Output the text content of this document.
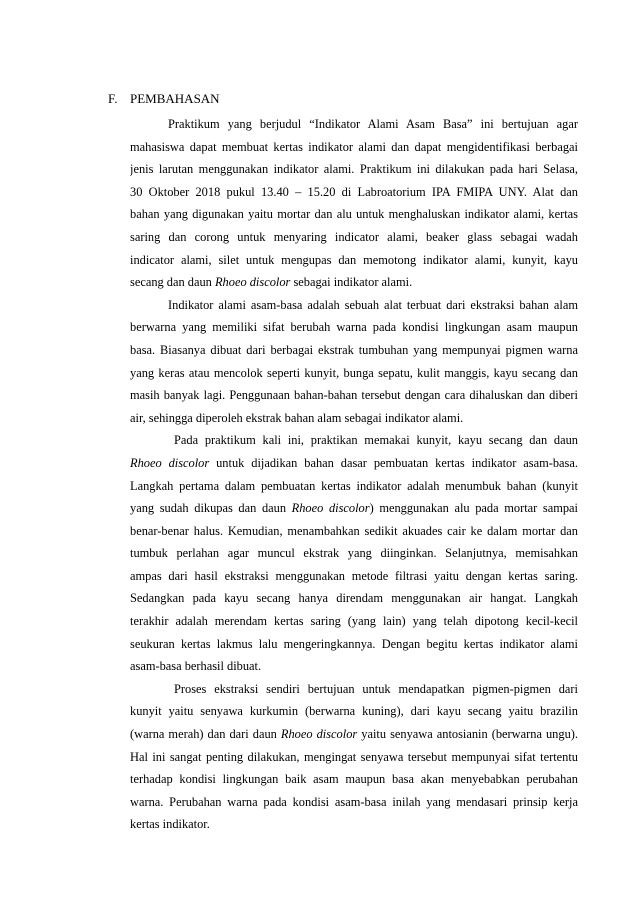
F. PEMBAHASAN
Praktikum yang berjudul “Indikator Alami Asam Basa” ini bertujuan agar
mahasiswa dapat membuat kertas indikator alami dan dapat mengidentifikasi berbagai
jenis larutan menggunakan indikator alami. Praktikum ini dilakukan pada hari Selasa,
30 Oktober 2018 pukul 13.40 – 15.20 di Labroatorium IPA FMIPA UNY. Alat dan
bahan yang digunakan yaitu mortar dan alu untuk menghaluskan indikator alami, kertas
saring dan corong untuk menyaring indicator alami, beaker glass sebagai wadah
indicator alami, silet untuk mengupas dan memotong indikator alami, kunyit, kayu
secang dan daun Rhoeo discolor sebagai indikator alami.
Indikator alami asam-basa adalah sebuah alat terbuat dari ekstraksi bahan alam
berwarna yang memiliki sifat berubah warna pada kondisi lingkungan asam maupun
basa. Biasanya dibuat dari berbagai ekstrak tumbuhan yang mempunyai pigmen warna
yang keras atau mencolok seperti kunyit, bunga sepatu, kulit manggis, kayu secang dan
masih banyak lagi. Penggunaan bahan-bahan tersebut dengan cara dihaluskan dan diberi
air, sehingga diperoleh ekstrak bahan alam sebagai indikator alami.
Pada praktikum kali ini, praktikan memakai kunyit, kayu secang dan daun
Rhoeo discolor untuk dijadikan bahan dasar pembuatan kertas indikator asam-basa.
Langkah pertama dalam pembuatan kertas indikator adalah menumbuk bahan (kunyit
yang sudah dikupas dan daun Rhoeo discolor) menggunakan alu pada mortar sampai
benar-benar halus. Kemudian, menambahkan sedikit akuades cair ke dalam mortar dan
tumbuk perlahan agar muncul ekstrak yang diinginkan. Selanjutnya, memisahkan
ampas dari hasil ekstraksi menggunakan metode filtrasi yaitu dengan kertas saring.
Sedangkan pada kayu secang hanya direndam menggunakan air hangat. Langkah
terakhir adalah merendam kertas saring (yang lain) yang telah dipotong kecil-kecil
seukuran kertas lakmus lalu mengeringkannya. Dengan begitu kertas indikator alami
asam-basa berhasil dibuat.
Proses ekstraksi sendiri bertujuan untuk mendapatkan pigmen-pigmen dari
kunyit yaitu senyawa kurkumin (berwarna kuning), dari kayu secang yaitu brazilin
(warna merah) dan dari daun Rhoeo discolor yaitu senyawa antosianin (berwarna ungu).
Hal ini sangat penting dilakukan, mengingat senyawa tersebut mempunyai sifat tertentu
terhadap kondisi lingkungan baik asam maupun basa akan menyebabkan perubahan
warna. Perubahan warna pada kondisi asam-basa inilah yang mendasari prinsip kerja
kertas indikator.
